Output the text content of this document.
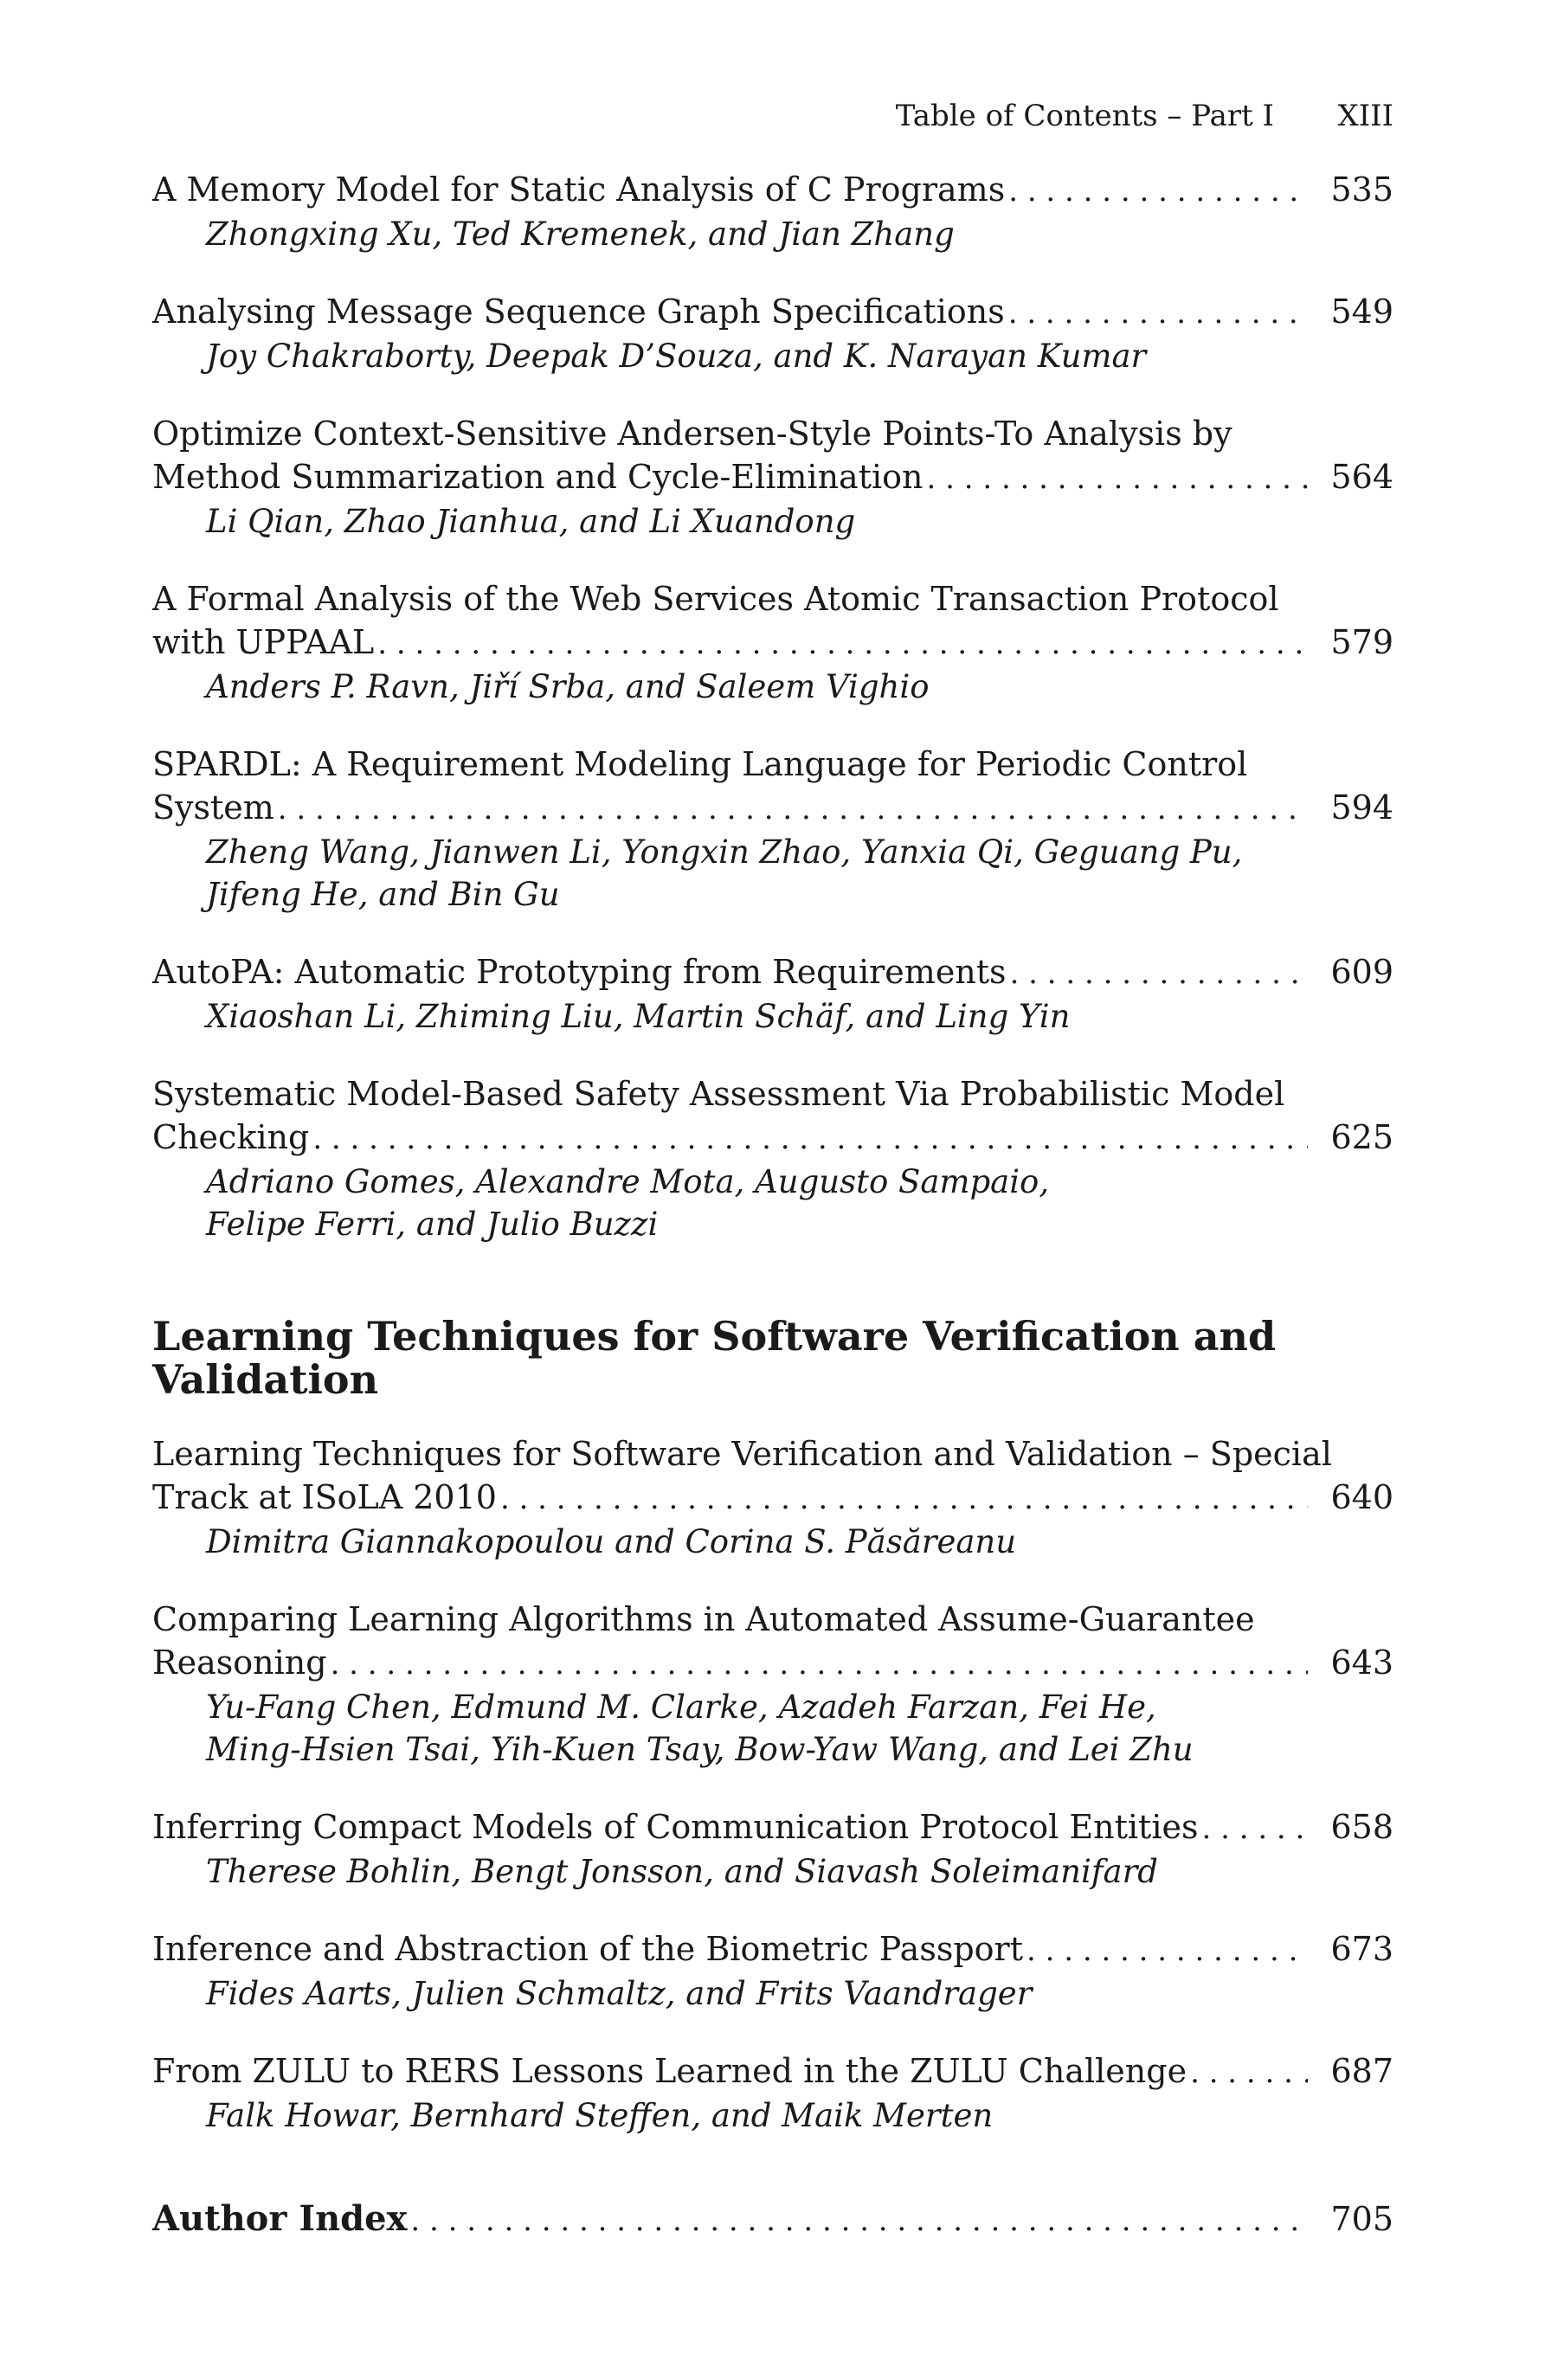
Table of Contents – Part I XIII
A Memory Model for Static Analysis of C Programs . . .	535
Zhongxing Xu, Ted Kremenek, and Jian Zhang
Analysing Message Sequence Graph Specifications . . .	549
Joy Chakraborty, Deepak D’Souza, and K. Narayan Kumar
Optimize Context-Sensitive Andersen-Style Points-To Analysis by
Method Summarization and Cycle-Elimination . . .	564
Li Qian, Zhao Jianhua, and Li Xuandong
A Formal Analysis of the Web Services Atomic Transaction Protocol
with UPPAAL . . .	579
Anders P. Ravn, Jiří Srba, and Saleem Vighio
SPARDL: A Requirement Modeling Language for Periodic Control
System . . .	594
Zheng Wang, Jianwen Li, Yongxin Zhao, Yanxia Qi, Geguang Pu,
Jifeng He, and Bin Gu
AutoPA: Automatic Prototyping from Requirements . . .	609
Xiaoshan Li, Zhiming Liu, Martin Schäf, and Ling Yin
Systematic Model-Based Safety Assessment Via Probabilistic Model
Checking . . .	625
Adriano Gomes, Alexandre Mota, Augusto Sampaio,
Felipe Ferri, and Julio Buzzi
Learning Techniques for Software Verification and
Validation
Learning Techniques for Software Verification and Validation – Special
Track at ISoLA 2010 . . .	640
Dimitra Giannakopoulou and Corina S. Păsăreanu
Comparing Learning Algorithms in Automated Assume-Guarantee
Reasoning . . .	643
Yu-Fang Chen, Edmund M. Clarke, Azadeh Farzan, Fei He,
Ming-Hsien Tsai, Yih-Kuen Tsay, Bow-Yaw Wang, and Lei Zhu
Inferring Compact Models of Communication Protocol Entities . . .	658
Therese Bohlin, Bengt Jonsson, and Siavash Soleimanifard
Inference and Abstraction of the Biometric Passport . . .	673
Fides Aarts, Julien Schmaltz, and Frits Vaandrager
From ZULU to RERS Lessons Learned in the ZULU Challenge . . .	687
Falk Howar, Bernhard Steffen, and Maik Merten
Author Index . . .	705
